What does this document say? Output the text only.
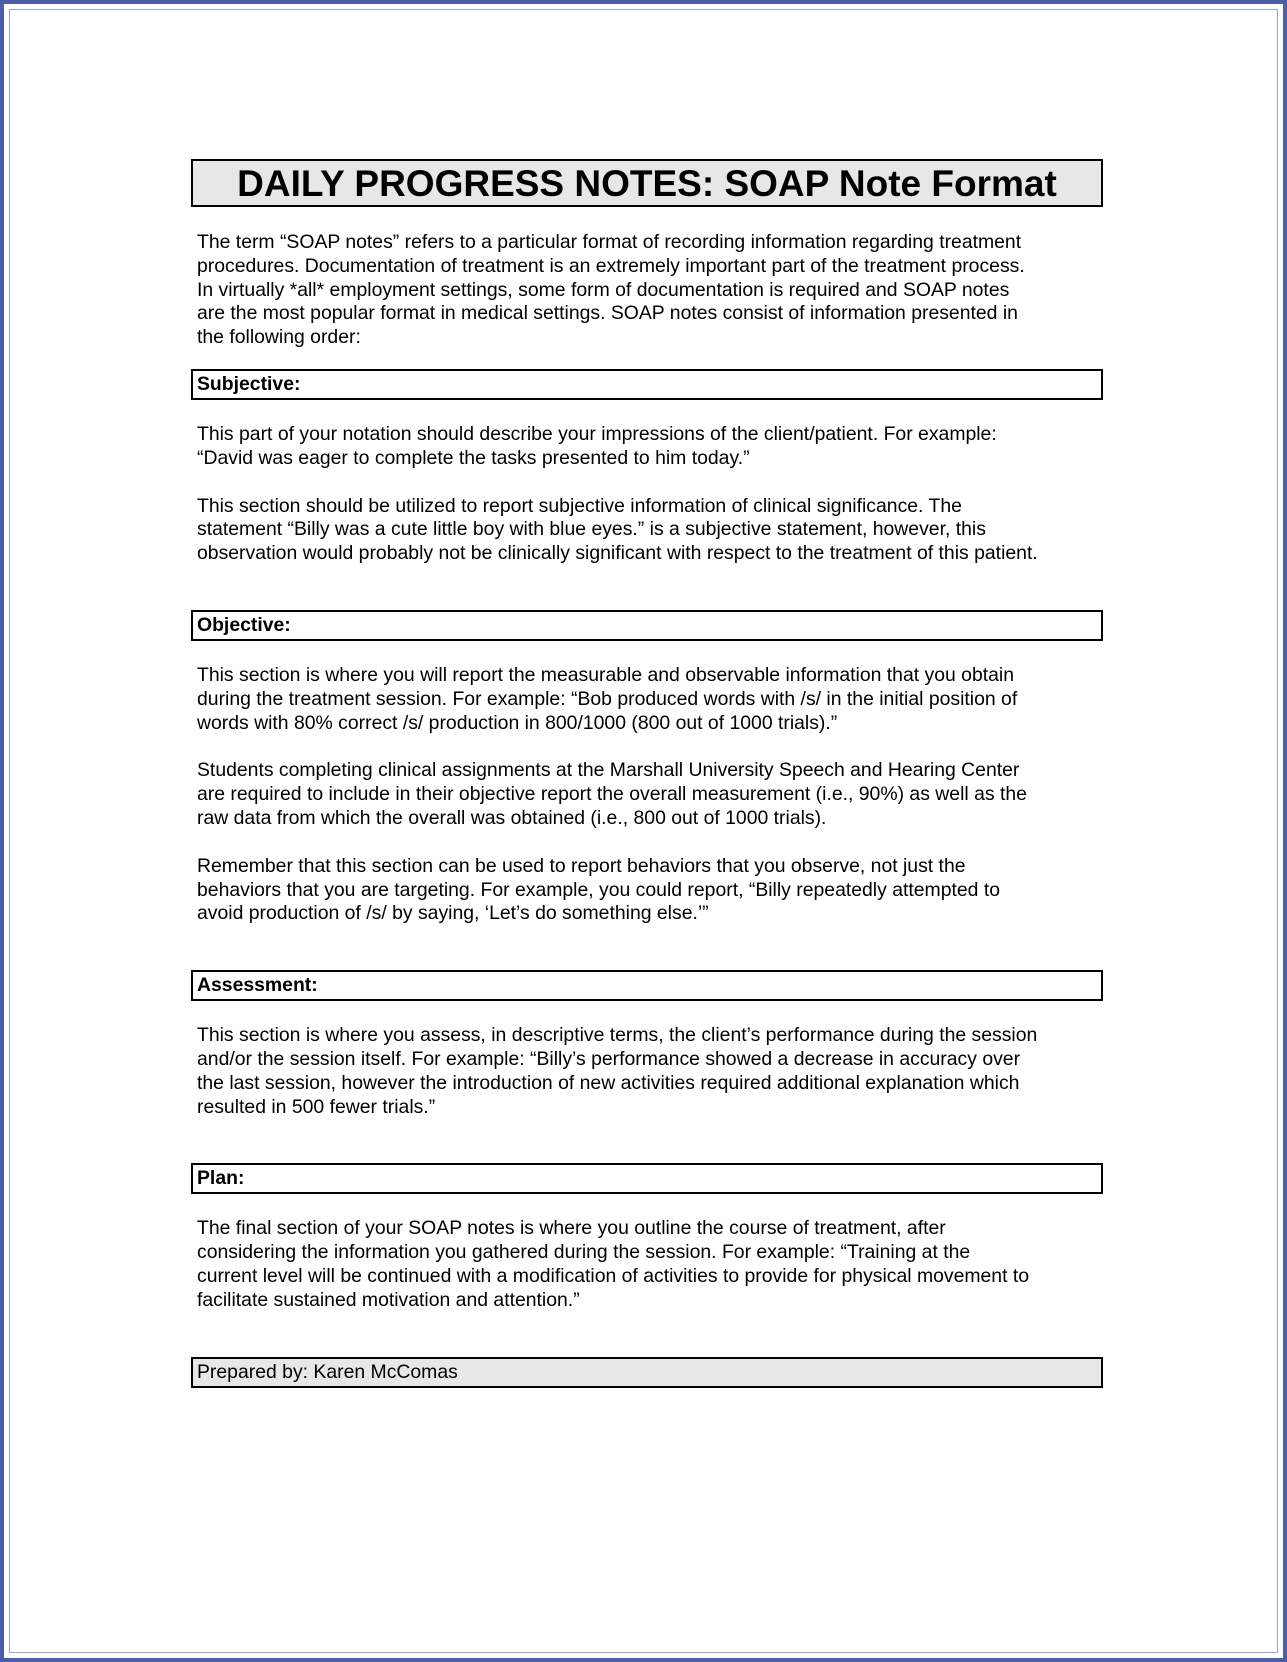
DAILY PROGRESS NOTES: SOAP Note Format
The term “SOAP notes” refers to a particular format of recording information regarding treatment
procedures. Documentation of treatment is an extremely important part of the treatment process.
In virtually *all* employment settings, some form of documentation is required and SOAP notes
are the most popular format in medical settings. SOAP notes consist of information presented in
the following order:
Subjective:
This part of your notation should describe your impressions of the client/patient. For example:
“David was eager to complete the tasks presented to him today.”
This section should be utilized to report subjective information of clinical significance. The
statement “Billy was a cute little boy with blue eyes.” is a subjective statement, however, this
observation would probably not be clinically significant with respect to the treatment of this patient.
Objective:
This section is where you will report the measurable and observable information that you obtain
during the treatment session. For example: “Bob produced words with /s/ in the initial position of
words with 80% correct /s/ production in 800/1000 (800 out of 1000 trials).”
Students completing clinical assignments at the Marshall University Speech and Hearing Center
are required to include in their objective report the overall measurement (i.e., 90%) as well as the
raw data from which the overall was obtained (i.e., 800 out of 1000 trials).
Remember that this section can be used to report behaviors that you observe, not just the
behaviors that you are targeting. For example, you could report, “Billy repeatedly attempted to
avoid production of /s/ by saying, ‘Let’s do something else.’”
Assessment:
This section is where you assess, in descriptive terms, the client’s performance during the session
and/or the session itself. For example: “Billy’s performance showed a decrease in accuracy over
the last session, however the introduction of new activities required additional explanation which
resulted in 500 fewer trials.”
Plan:
The final section of your SOAP notes is where you outline the course of treatment, after
considering the information you gathered during the session. For example: “Training at the
current level will be continued with a modification of activities to provide for physical movement to
facilitate sustained motivation and attention.”
Prepared by: Karen McComas
